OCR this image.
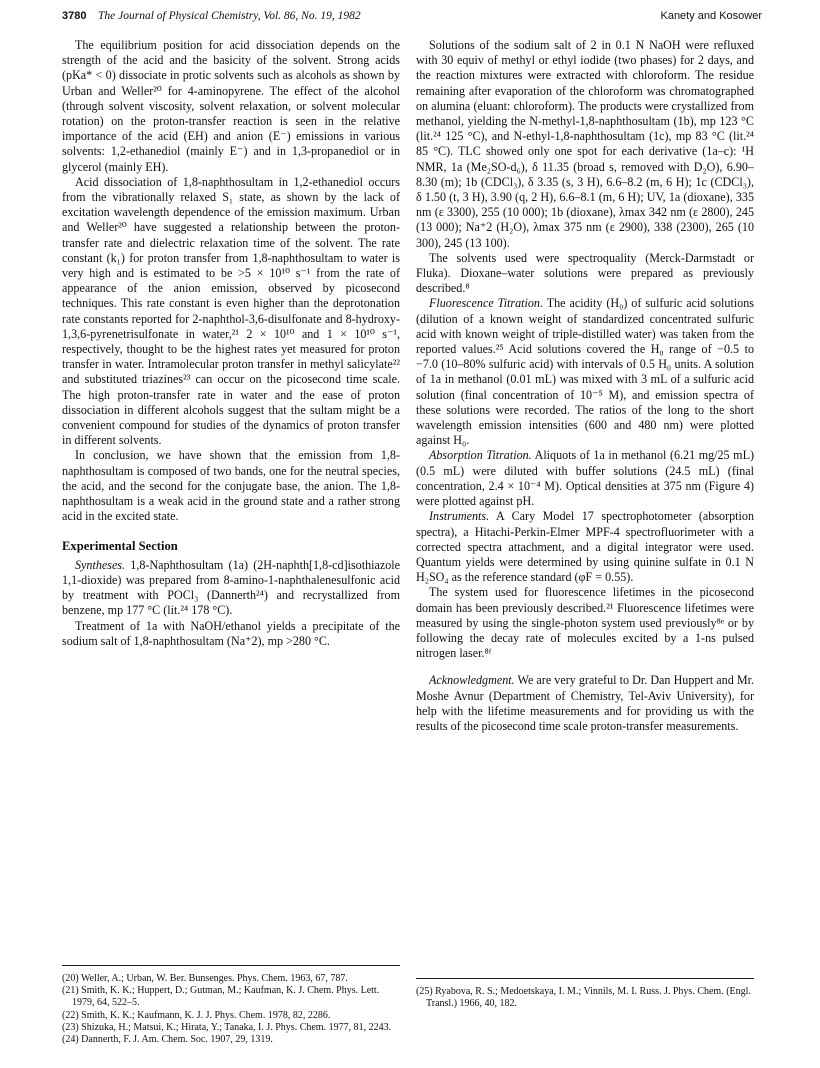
3780 The Journal of Physical Chemistry, Vol. 86, No. 19, 1982	Kanety and Kosower

The equilibrium position for acid dissociation depends on the strength of the acid and the basicity of the solvent. Strong acids (pKa* < 0) dissociate in protic solvents such as alcohols as shown by Urban and Weller²⁰ for 4-aminopyrene. The effect of the alcohol (through solvent viscosity, solvent relaxation, or solvent molecular rotation) on the proton-transfer reaction is seen in the relative importance of the acid (EH) and anion (E⁻) emissions in various solvents: 1,2-ethanediol (mainly E⁻) and in 1,3-propanediol or in glycerol (mainly EH).

Acid dissociation of 1,8-naphthosultam in 1,2-ethanediol occurs from the vibrationally relaxed S₁ state, as shown by the lack of excitation wavelength dependence of the emission maximum. Urban and Weller²⁰ have suggested a relationship between the proton-transfer rate and dielectric relaxation time of the solvent. The rate constant (k₁) for proton transfer from 1,8-naphthosultam to water is very high and is estimated to be >5 × 10¹⁰ s⁻¹ from the rate of appearance of the anion emission, observed by picosecond techniques. This rate constant is even higher than the deprotonation rate constants reported for 2-naphthol-3,6-disulfonate and 8-hydroxy-1,3,6-pyrenetrisulfonate in water,²¹ 2 × 10¹⁰ and 1 × 10¹⁰ s⁻¹, respectively, thought to be the highest rates yet measured for proton transfer in water. Intramolecular proton transfer in methyl salicylate²² and substituted triazines²³ can occur on the picosecond time scale. The high proton-transfer rate in water and the ease of proton dissociation in different alcohols suggest that the sultam might be a convenient compound for studies of the dynamics of proton transfer in different solvents.

In conclusion, we have shown that the emission from 1,8-naphthosultam is composed of two bands, one for the neutral species, the acid, and the second for the conjugate base, the anion. The 1,8-naphthosultam is a weak acid in the ground state and a rather strong acid in the excited state.

Experimental Section

Syntheses. 1,8-Naphthosultam (1a) (2H-naphth[1,8-cd]isothiazole 1,1-dioxide) was prepared from 8-amino-1-naphthalenesulfonic acid by treatment with POCl₃ (Dannerth²⁴) and recrystallized from benzene, mp 177 °C (lit.²⁴ 178 °C).

Treatment of 1a with NaOH/ethanol yields a precipitate of the sodium salt of 1,8-naphthosultam (Na⁺2), mp >280 °C.

(20) Weller, A.; Urban, W. Ber. Bunsenges. Phys. Chem. 1963, 67, 787.
(21) Smith, K. K.; Huppert, D.; Gutman, M.; Kaufman, K. J. Chem. Phys. Lett. 1979, 64, 522–5.
(22) Smith, K. K.; Kaufmann, K. J. J. Phys. Chem. 1978, 82, 2286.
(23) Shizuka, H.; Matsui, K.; Hirata, Y.; Tanaka, I. J. Phys. Chem. 1977, 81, 2243.
(24) Dannerth, F. J. Am. Chem. Soc. 1907, 29, 1319.

Solutions of the sodium salt of 2 in 0.1 N NaOH were refluxed with 30 equiv of methyl or ethyl iodide (two phases) for 2 days, and the reaction mixtures were extracted with chloroform. The residue remaining after evaporation of the chloroform was chromatographed on alumina (eluant: chloroform). The products were crystallized from methanol, yielding the N-methyl-1,8-naphthosultam (1b), mp 123 °C (lit.²⁴ 125 °C), and N-ethyl-1,8-naphthosultam (1c), mp 83 °C (lit.²⁴ 85 °C). TLC showed only one spot for each derivative (1a–c): ¹H NMR, 1a (Me₂SO-d₆), δ 11.35 (broad s, removed with D₂O), 6.90–8.30 (m); 1b (CDCl₃), δ 3.35 (s, 3 H), 6.6–8.2 (m, 6 H); 1c (CDCl₃), δ 1.50 (t, 3 H), 3.90 (q, 2 H), 6.6–8.1 (m, 6 H); UV, 1a (dioxane), 335 nm (ε 3300), 255 (10 000); 1b (dioxane), λmax 342 nm (ε 2800), 245 (13 000); Na⁺2 (H₂O), λmax 375 nm (ε 2900), 338 (2300), 265 (10 300), 245 (13 100).

The solvents used were spectroquality (Merck-Darmstadt or Fluka). Dioxane–water solutions were prepared as previously described.⁸

Fluorescence Titration. The acidity (H₀) of sulfuric acid solutions (dilution of a known weight of standardized concentrated sulfuric acid with known weight of triple-distilled water) was taken from the reported values.²⁵ Acid solutions covered the H₀ range of −0.5 to −7.0 (10–80% sulfuric acid) with intervals of 0.5 H₀ units. A solution of 1a in methanol (0.01 mL) was mixed with 3 mL of a sulfuric acid solution (final concentration of 10⁻⁵ M), and emission spectra of these solutions were recorded. The ratios of the long to the short wavelength emission intensities (600 and 480 nm) were plotted against H₀.

Absorption Titration. Aliquots of 1a in methanol (6.21 mg/25 mL) (0.5 mL) were diluted with buffer solutions (24.5 mL) (final concentration, 2.4 × 10⁻⁴ M). Optical densities at 375 nm (Figure 4) were plotted against pH.

Instruments. A Cary Model 17 spectrophotometer (absorption spectra), a Hitachi-Perkin-Elmer MPF-4 spectrofluorimeter with a corrected spectra attachment, and a digital integrator were used. Quantum yields were determined by using quinine sulfate in 0.1 N H₂SO₄ as the reference standard (φF = 0.55).

The system used for fluorescence lifetimes in the picosecond domain has been previously described.²¹ Fluorescence lifetimes were measured by using the single-photon system used previously⁸ᵉ or by following the decay rate of molecules excited by a 1-ns pulsed nitrogen laser.⁸ᶠ

Acknowledgment. We are very grateful to Dr. Dan Huppert and Mr. Moshe Avnur (Department of Chemistry, Tel-Aviv University), for help with the lifetime measurements and for providing us with the results of the picosecond time scale proton-transfer measurements.

(25) Ryabova, R. S.; Medoetskaya, I. M.; Vinnils, M. I. Russ. J. Phys. Chem. (Engl. Transl.) 1966, 40, 182.
